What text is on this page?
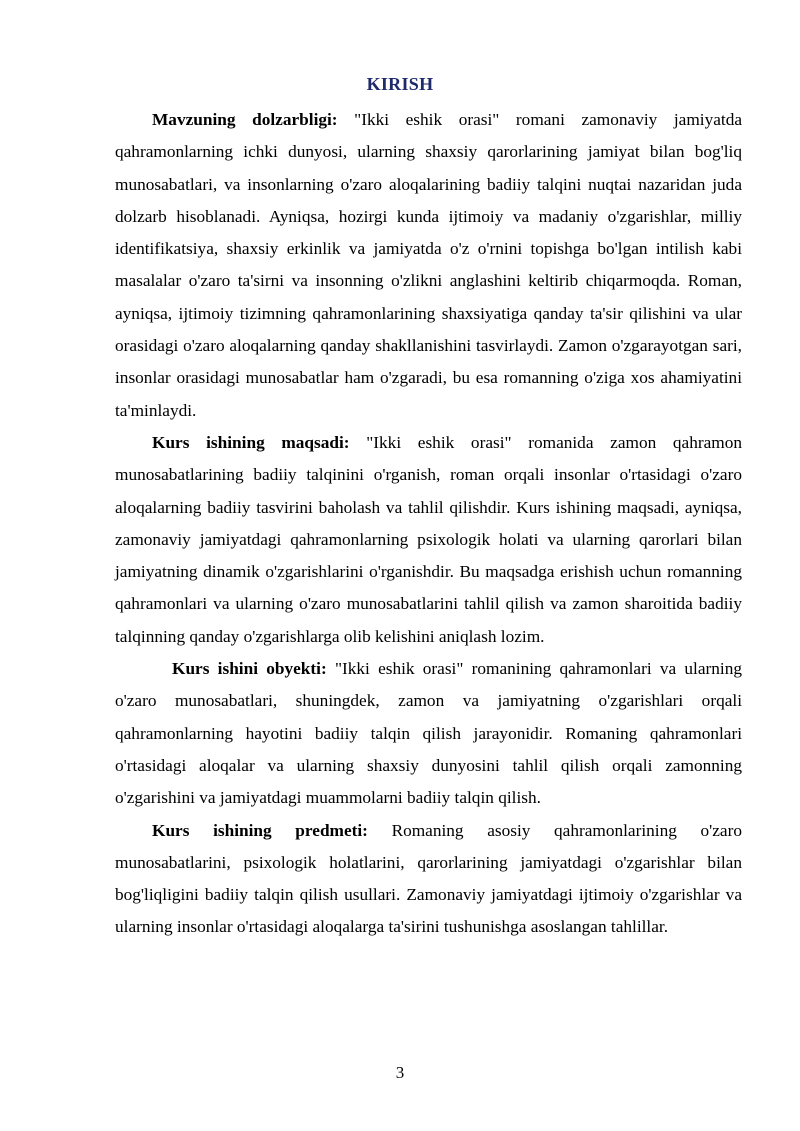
KIRISH

Mavzuning dolzarbligi: "Ikki eshik orasi" romani zamonaviy jamiyatda qahramonlarning ichki dunyosi, ularning shaxsiy qarorlarining jamiyat bilan bog'liq munosabatlari, va insonlarning o'zaro aloqalarining badiiy talqini nuqtai nazaridan juda dolzarb hisoblanadi. Ayniqsa, hozirgi kunda ijtimoiy va madaniy o'zgarishlar, milliy identifikatsiya, shaxsiy erkinlik va jamiyatda o'z o'rnini topishga bo'lgan intilish kabi masalalar o'zaro ta'sirni va insonning o'zlikni anglashini keltirib chiqarmoqda. Roman, ayniqsa, ijtimoiy tizimning qahramonlarining shaxsiyatiga qanday ta'sir qilishini va ular orasidagi o'zaro aloqalarning qanday shakllanishini tasvirlaydi. Zamon o'zgarayotgan sari, insonlar orasidagi munosabatlar ham o'zgaradi, bu esa romanning o'ziga xos ahamiyatini ta'minlaydi.

Kurs ishining maqsadi: "Ikki eshik orasi" romanida zamon qahramon munosabatlarining badiiy talqinini o'rganish, roman orqali insonlar o'rtasidagi o'zaro aloqalarning badiiy tasvirini baholash va tahlil qilishdir. Kurs ishining maqsadi, ayniqsa, zamonaviy jamiyatdagi qahramonlarning psixologik holati va ularning qarorlari bilan jamiyatning dinamik o'zgarishlarini o'rganishdir. Bu maqsadga erishish uchun romanning qahramonlari va ularning o'zaro munosabatlarini tahlil qilish va zamon sharoitida badiiy talqinning qanday o'zgarishlarga olib kelishini aniqlash lozim.

Kurs ishini obyekti: "Ikki eshik orasi" romanining qahramonlari va ularning o'zaro munosabatlari, shuningdek, zamon va jamiyatning o'zgarishlari orqali qahramonlarning hayotini badiiy talqin qilish jarayonidir. Romaning qahramonlari o'rtasidagi aloqalar va ularning shaxsiy dunyosini tahlil qilish orqali zamonning o'zgarishini va jamiyatdagi muammolarni badiiy talqin qilish.

Kurs ishining predmeti: Romaning asosiy qahramonlarining o'zaro munosabatlarini, psixologik holatlarini, qarorlarining jamiyatdagi o'zgarishlar bilan bog'liqligini badiiy talqin qilish usullari. Zamonaviy jamiyatdagi ijtimoiy o'zgarishlar va ularning insonlar o'rtasidagi aloqalarga ta'sirini tushunishga asoslangan tahlillar.

3
